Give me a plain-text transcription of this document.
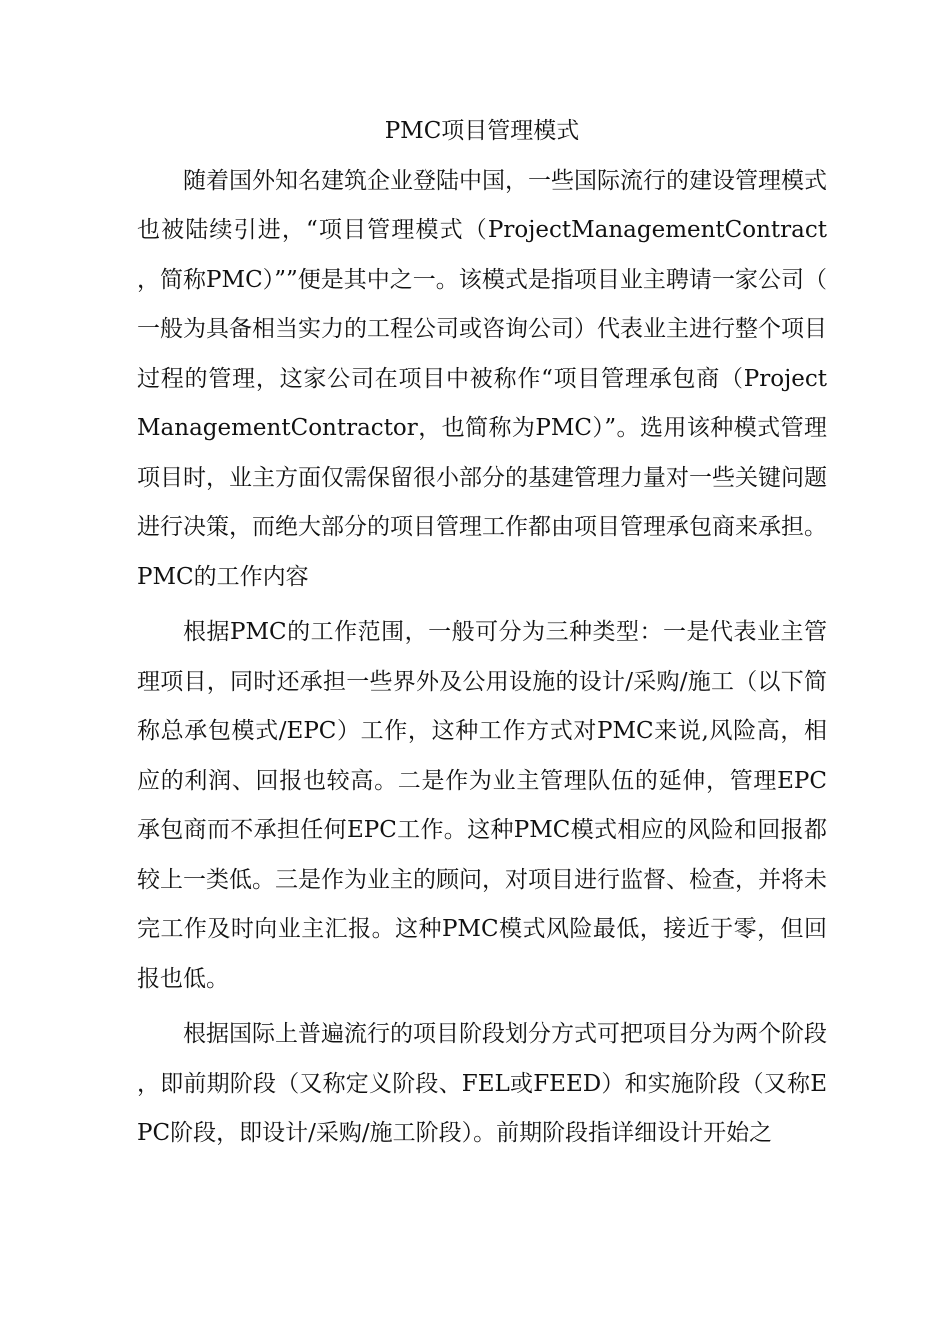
PMC项目管理模式

随着国外知名建筑企业登陆中国，一些国际流行的建设管理模式也被陆续引进，“项目管理模式（ProjectManagementContract，简称PMC）””便是其中之一。该模式是指项目业主聘请一家公司（一般为具备相当实力的工程公司或咨询公司）代表业主进行整个项目过程的管理，这家公司在项目中被称作“项目管理承包商（ProjectManagementContractor，也简称为PMC）”。选用该种模式管理项目时，业主方面仅需保留很小部分的基建管理力量对一些关键问题进行决策，而绝大部分的项目管理工作都由项目管理承包商来承担。

PMC的工作内容

根据PMC的工作范围，一般可分为三种类型：一是代表业主管理项目，同时还承担一些界外及公用设施的设计/采购/施工（以下简称总承包模式/EPC）工作，这种工作方式对PMC来说,风险高，相应的利润、回报也较高。二是作为业主管理队伍的延伸，管理EPC承包商而不承担任何EPC工作。这种PMC模式相应的风险和回报都较上一类低。三是作为业主的顾问，对项目进行监督、检查，并将未完工作及时向业主汇报。这种PMC模式风险最低，接近于零，但回报也低。

根据国际上普遍流行的项目阶段划分方式可把项目分为两个阶段，即前期阶段（又称定义阶段、FEL或FEED）和实施阶段（又称EPC阶段，即设计/采购/施工阶段）。前期阶段指详细设计开始之
